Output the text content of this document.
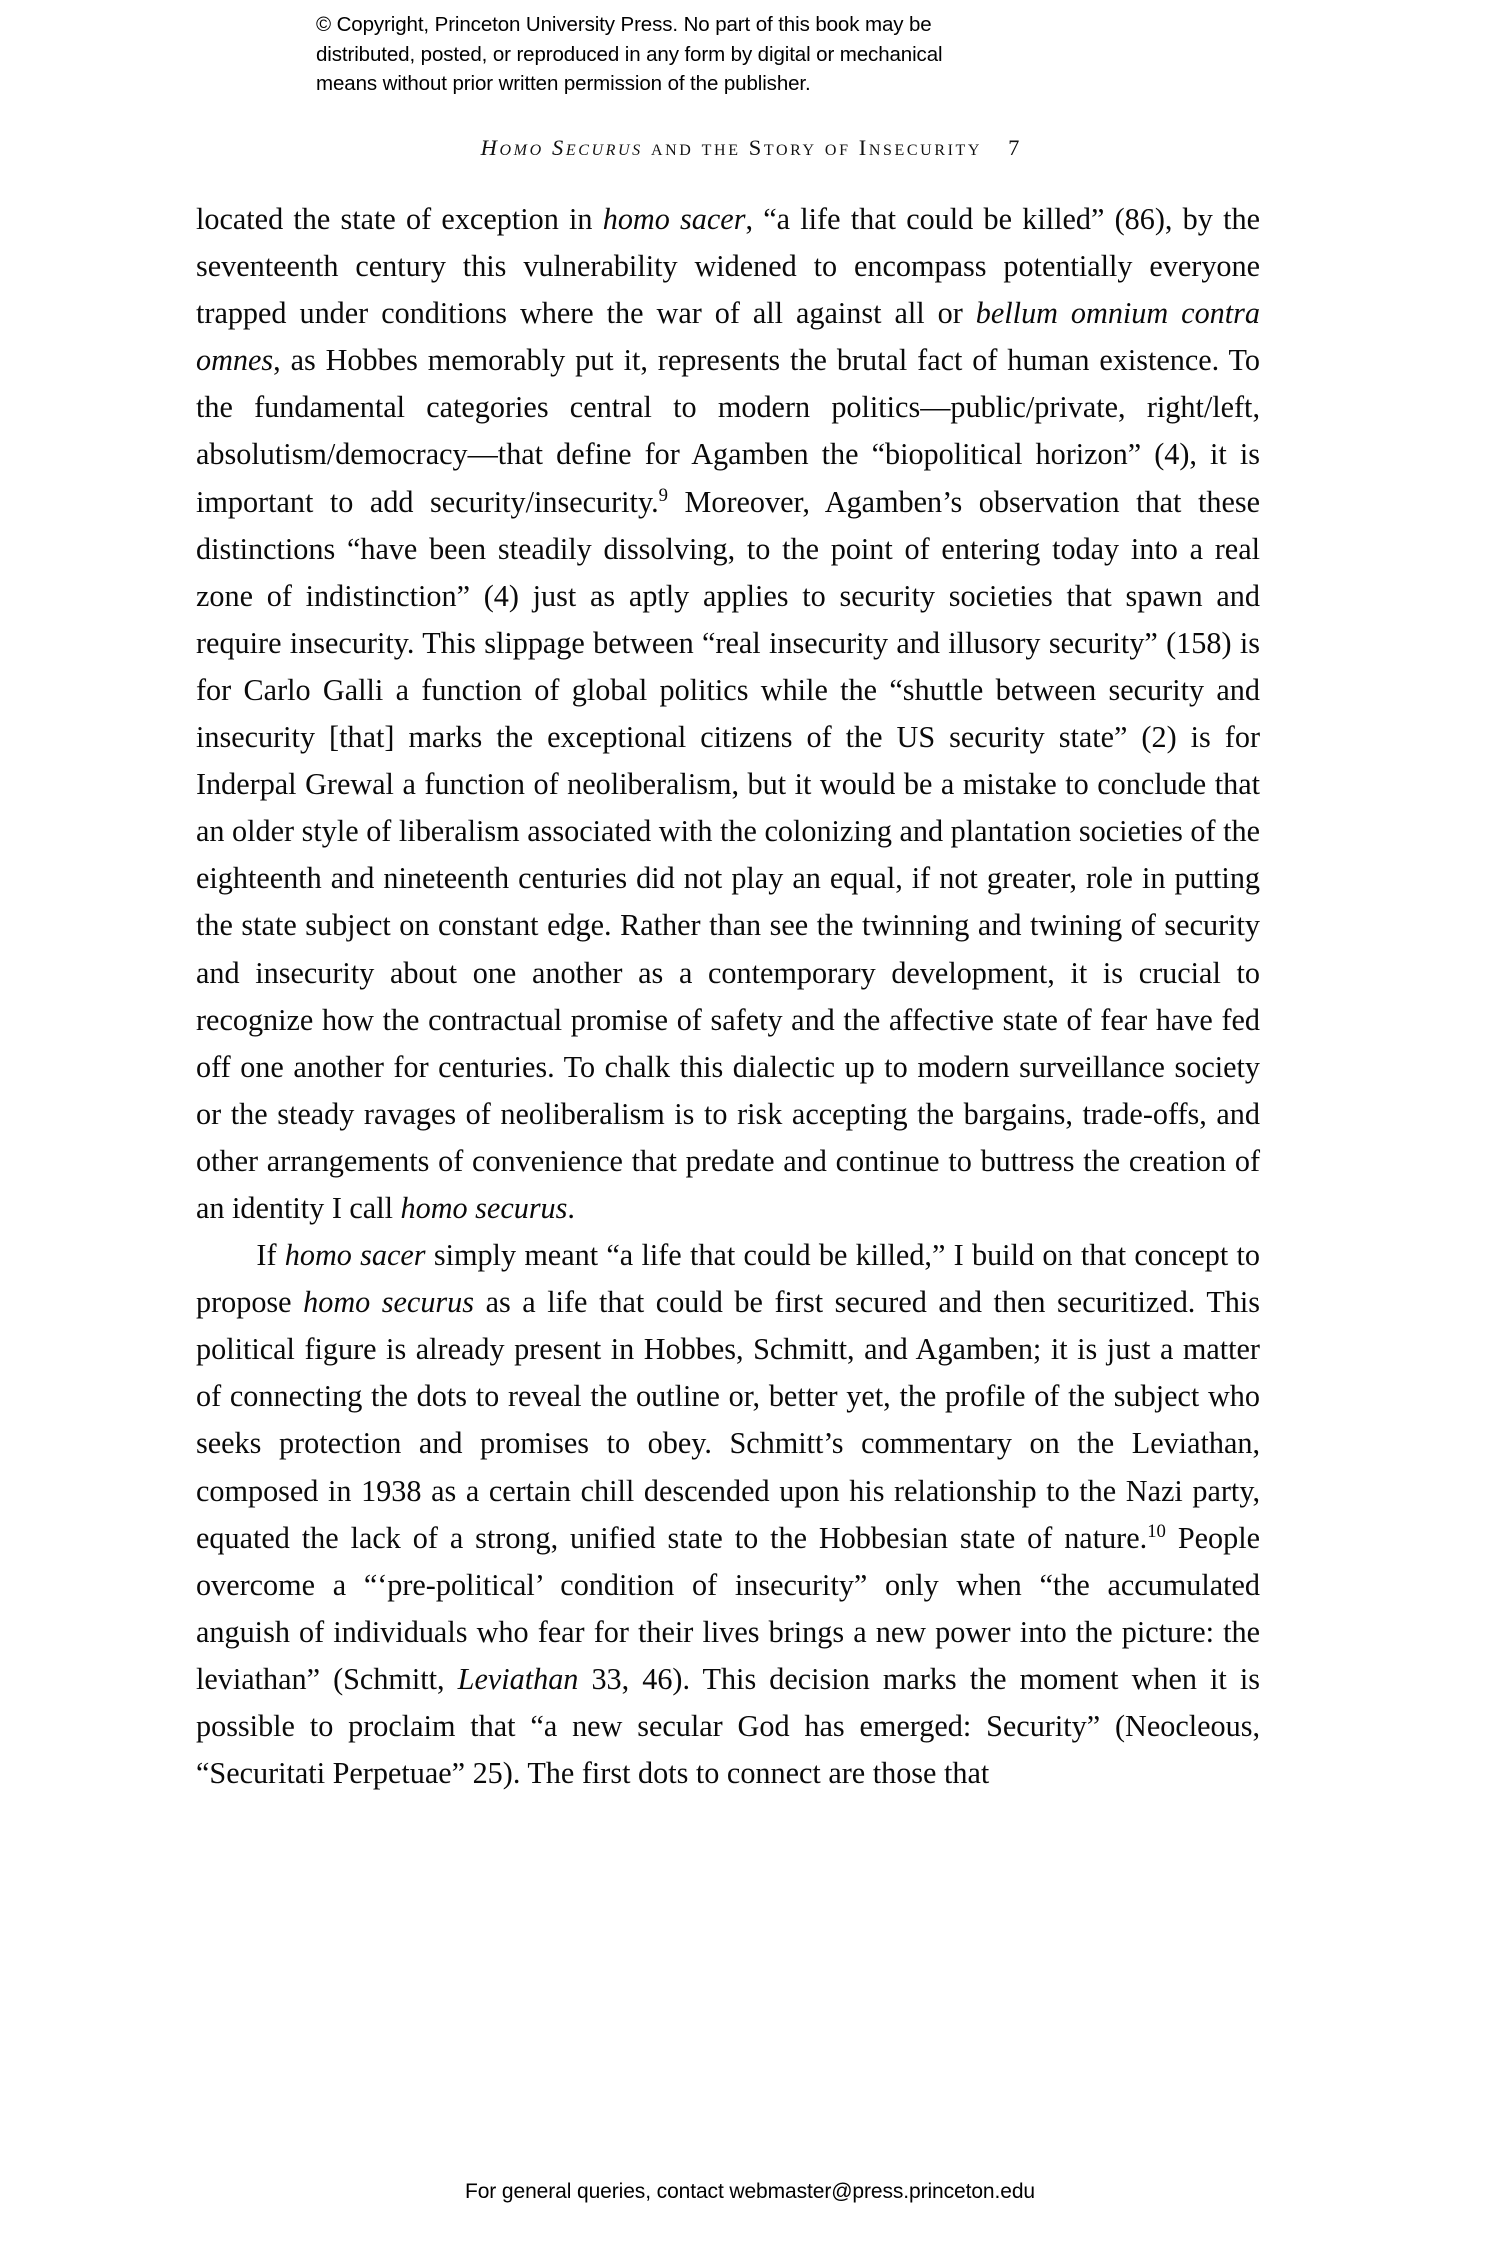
© Copyright, Princeton University Press. No part of this book may be
distributed, posted, or reproduced in any form by digital or mechanical
means without prior written permission of the publisher.
Homo Securus and the Story of Insecurity 7

located the state of exception in homo sacer, “a life that could be killed” (86), by the seventeenth century this vulnerability widened to encompass potentially everyone trapped under conditions where the war of all against all or bellum omnium contra omnes, as Hobbes memorably put it, represents the brutal fact of human existence. To the fundamental categories central to modern politics—public/private, right/left, absolutism/democracy—that define for Agamben the “biopolitical horizon” (4), it is important to add security/insecurity.$^9$ Moreover, Agamben’s observation that these distinctions “have been steadily dissolving, to the point of entering today into a real zone of indistinction” (4) just as aptly applies to security societies that spawn and require insecurity. This slippage between “real insecurity and illusory security” (158) is for Carlo Galli a function of global politics while the “shuttle between security and insecurity [that] marks the exceptional citizens of the US security state” (2) is for Inderpal Grewal a function of neoliberalism, but it would be a mistake to conclude that an older style of liberalism associated with the colonizing and plantation societies of the eighteenth and nineteenth centuries did not play an equal, if not greater, role in putting the state subject on constant edge. Rather than see the twinning and twining of security and insecurity about one another as a contemporary development, it is crucial to recognize how the contractual promise of safety and the affective state of fear have fed off one another for centuries. To chalk this dialectic up to modern surveillance society or the steady ravages of neoliberalism is to risk accepting the bargains, trade-offs, and other arrangements of convenience that predate and continue to buttress the creation of an identity I call homo securus.

If homo sacer simply meant “a life that could be killed,” I build on that concept to propose homo securus as a life that could be first secured and then securitized. This political figure is already present in Hobbes, Schmitt, and Agamben; it is just a matter of connecting the dots to reveal the outline or, better yet, the profile of the subject who seeks protection and promises to obey. Schmitt’s commentary on the Leviathan, composed in 1938 as a certain chill descended upon his relationship to the Nazi party, equated the lack of a strong, unified state to the Hobbesian state of nature.$^{10}$ People overcome a “‘pre-political’ condition of insecurity” only when “the accumulated anguish of individuals who fear for their lives brings a new power into the picture: the leviathan” (Schmitt, Leviathan 33, 46). This decision marks the moment when it is possible to proclaim that “a new secular God has emerged: Security” (Neocleous, “Securitati Perpetuae” 25). The first dots to connect are those that

For general queries, contact webmaster@press.princeton.edu
